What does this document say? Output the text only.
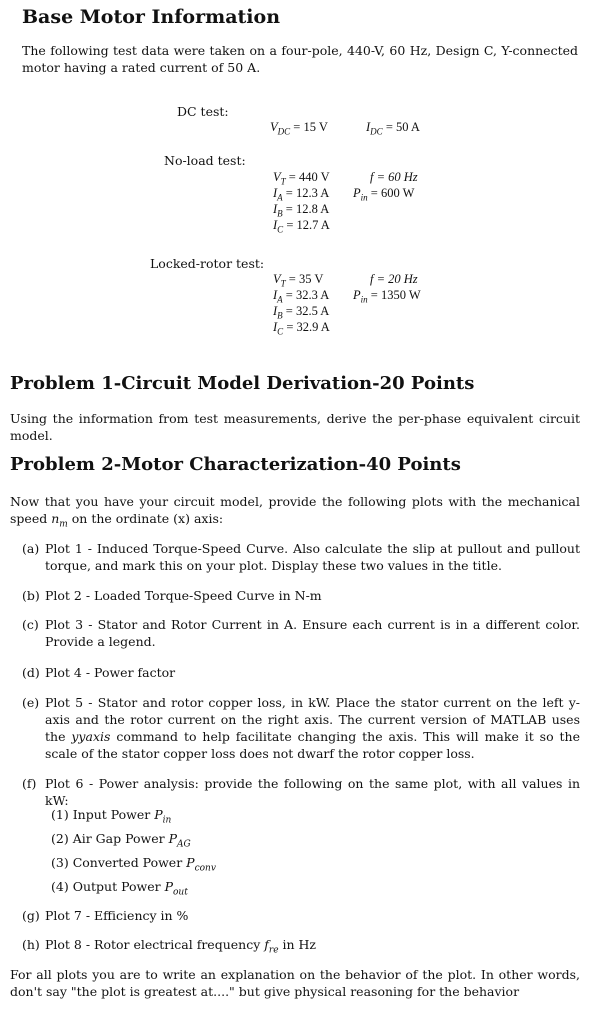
Base Motor Information

The following test data were taken on a four-pole, 440-V, 60 Hz, Design C, Y-connected motor having a rated current of 50 A.

DC test:
$V_{DC} = 15$ V	$I_{DC} = 50$ A
No-load test:
$V_T = 440$ V
$I_A = 12.3$ A
$I_B = 12.8$ A
$I_C = 12.7$ A
f = 60 Hz
$P_{in} = 600$ W
Locked-rotor test:
$V_T = 35$ V
$I_A = 32.3$ A
$I_B = 32.5$ A
$I_C = 32.9$ A
f = 20 Hz
$P_{in} = 1350$ W
Problem 1-Circuit Model Derivation-20 Points

Using the information from test measurements, derive the per-phase equivalent circuit model.

Problem 2-Motor Characterization-40 Points

Now that you have your circuit model, provide the following plots with the mechanical speed $n_m$ on the ordinate (x) axis:

(a) Plot 1 - Induced Torque-Speed Curve. Also calculate the slip at pullout and pullout torque, and mark this on your plot. Display these two values in the title.
(b) Plot 2 - Loaded Torque-Speed Curve in N-m
(c) Plot 3 - Stator and Rotor Current in A. Ensure each current is in a different color. Provide a legend.
(d) Plot 4 - Power factor
(e) Plot 5 - Stator and rotor copper loss, in kW. Place the stator current on the left y-axis and the rotor current on the right axis. The current version of MATLAB uses the yyaxis command to help facilitate changing the axis. This will make it so the scale of the stator copper loss does not dwarf the rotor copper loss.
(f) Plot 6 - Power analysis: provide the following on the same plot, with all values in kW:
(1) Input Power $P_{in}$
(2) Air Gap Power $P_{AG}$
(3) Converted Power $P_{conv}$
(4) Output Power $P_{out}$
(g) Plot 7 - Efficiency in %
(h) Plot 8 - Rotor electrical frequency $f_{re}$ in Hz

For all plots you are to write an explanation on the behavior of the plot. In other words, don't say "the plot is greatest at...." but give physical reasoning for the behavior
